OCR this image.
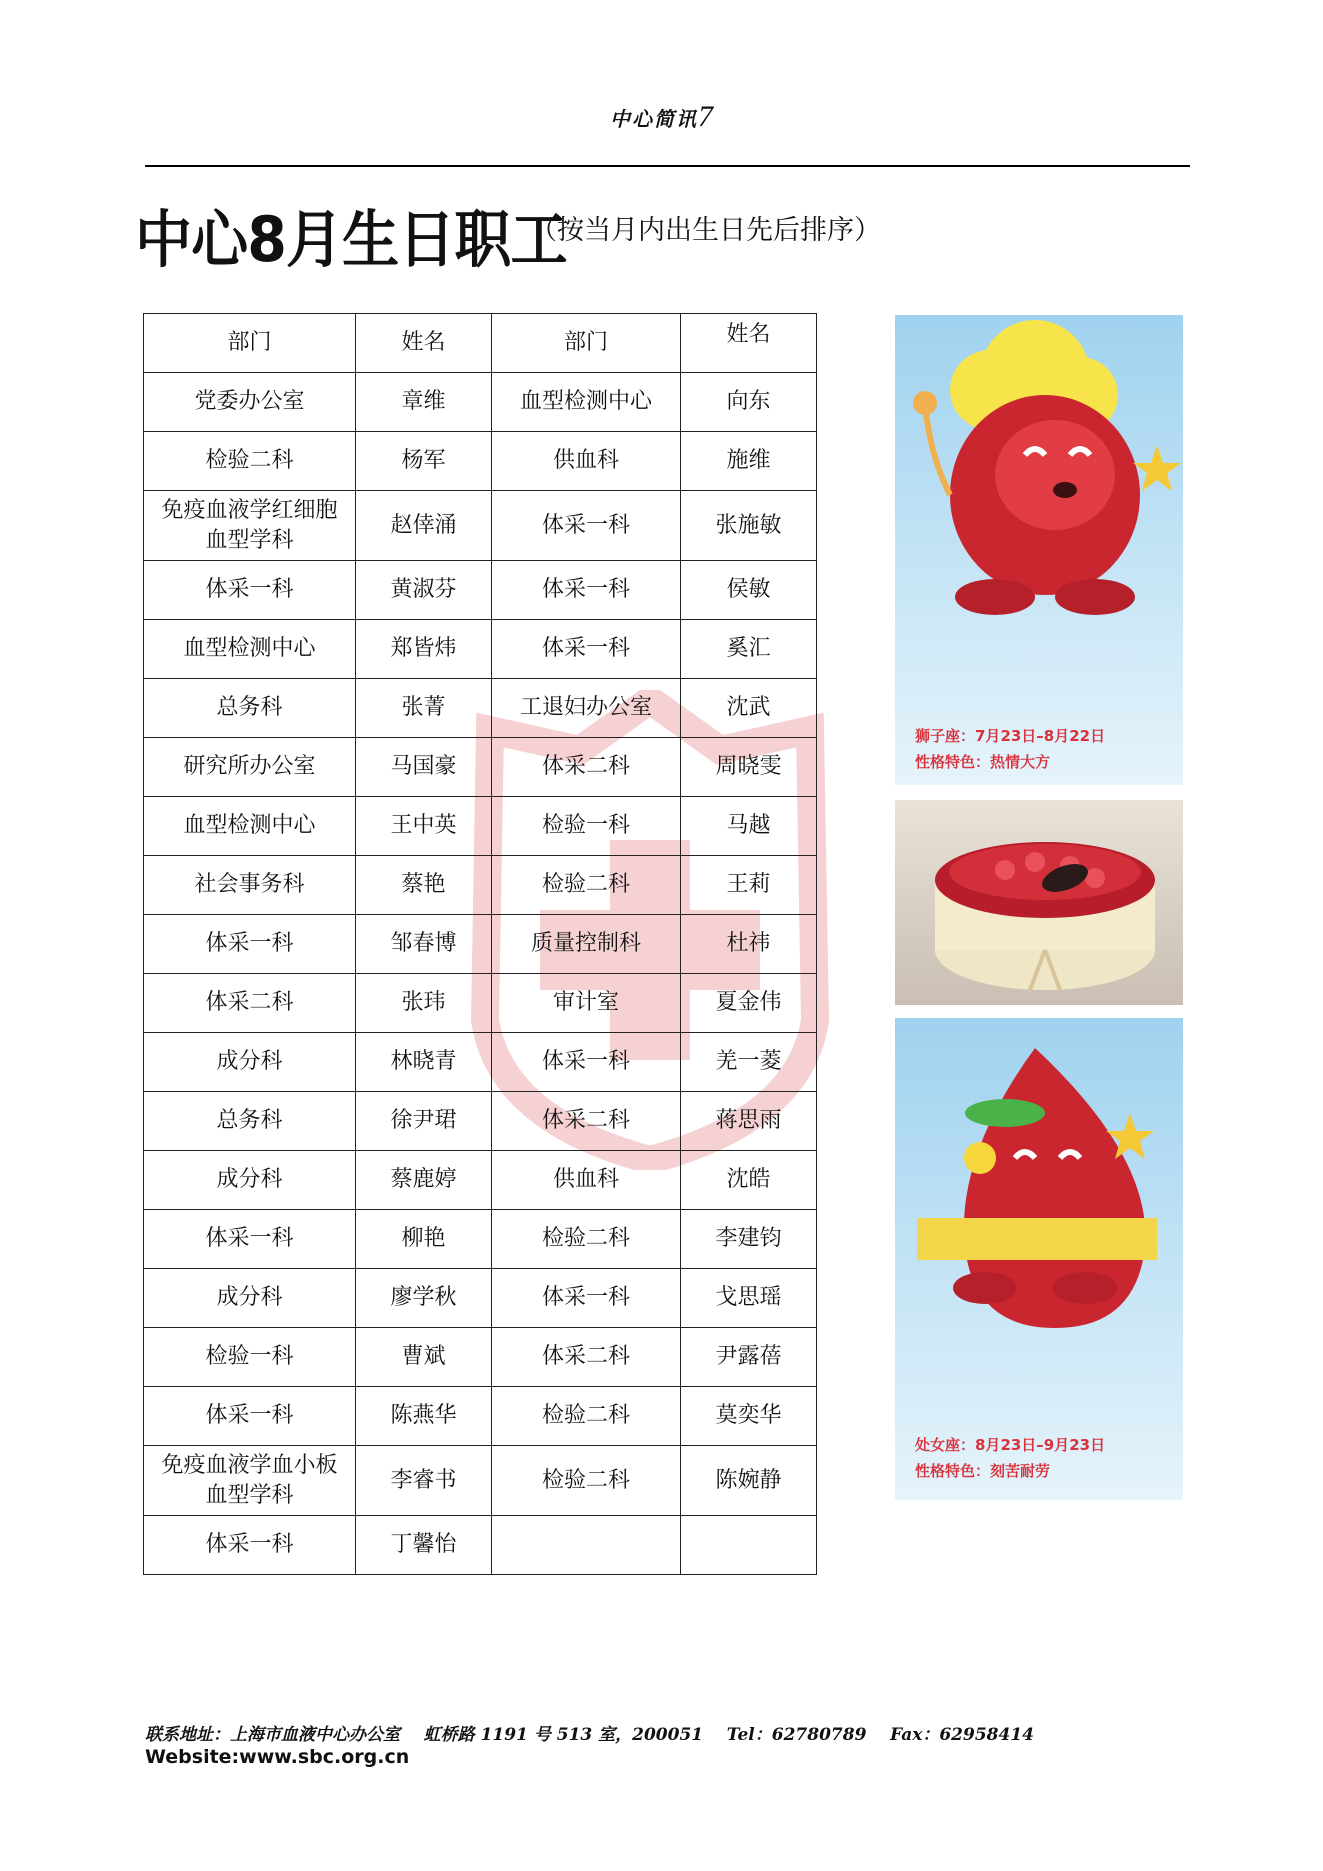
中心简讯7
中心8月生日职工
（按当月内出生日先后排序）
部门	姓名	部门	姓名
党委办公室	章维	血型检测中心	向东
检验二科	杨军	供血科	施维
免疫血液学红细胞血型学科	赵倖涌	体采一科	张施敏
体采一科	黄淑芬	体采一科	侯敏
血型检测中心	郑皆炜	体采一科	奚汇
总务科	张菁	工退妇办公室	沈武
研究所办公室	马国豪	体采二科	周晓雯
血型检测中心	王中英	检验一科	马越
社会事务科	蔡艳	检验二科	王莉
体采一科	邹春博	质量控制科	杜祎
体采二科	张玮	审计室	夏金伟
成分科	林晓青	体采一科	羌一菱
总务科	徐尹珺	体采二科	蒋思雨
成分科	蔡鹿婷	供血科	沈皓
体采一科	柳艳	检验二科	李建钧
成分科	廖学秋	体采一科	戈思瑶
检验一科	曹斌	体采二科	尹露蓓
体采一科	陈燕华	检验二科	莫奕华
免疫血液学血小板血型学科	李睿书	检验二科	陈婉静
体采一科	丁馨怡		
狮子座：7月23日–8月22日
性格特色：热情大方
处女座：8月23日–9月23日
性格特色：刻苦耐劳
联系地址：上海市血液中心办公室    虹桥路 1191 号 513 室，200051    Tel：62780789    Fax：62958414
Website:www.sbc.org.cn
